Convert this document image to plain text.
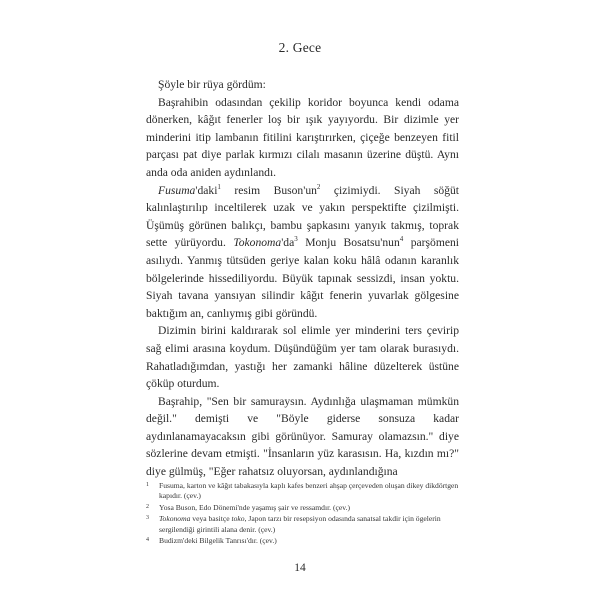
2. Gece

Şöyle bir rüya gördüm:

Başrahibin odasından çekilip koridor boyunca kendi odama dönerken, kâğıt fenerler loş bir ışık yayıyordu. Bir dizimle yer minderini itip lambanın fitilini karıştırırken, çiçeğe benzeyen fitil parçası pat diye parlak kırmızı cilalı masanın üzerine düştü. Aynı anda oda aniden aydınlandı.

Fusuma'daki$^1$ resim Buson'un$^2$ çizimiydi. Siyah söğüt kalınlaştırılıp inceltilerek uzak ve yakın perspektifte çizilmişti. Üşümüş görünen balıkçı, bambu şapkasını yanyık takmış, toprak sette yürüyordu. Tokonoma'da$^3$ Monju Bosatsu'nun$^4$ parşömeni asılıydı. Yanmış tütsüden geriye kalan koku hâlâ odanın karanlık bölgelerinde hissediliyordu. Büyük tapınak sessizdi, insan yoktu. Siyah tavana yansıyan silindir kâğıt fenerin yuvarlak gölgesine baktığım an, canlıymış gibi göründü.

Dizimin birini kaldırarak sol elimle yer minderini ters çevirip sağ elimi arasına koydum. Düşündüğüm yer tam olarak burasıydı. Rahatladığımdan, yastığı her zamanki hâline düzelterek üstüne çöküp oturdum.

Başrahip, "Sen bir samuraysın. Aydınlığa ulaşmaman mümkün değil." demişti ve "Böyle giderse sonsuza kadar aydınlanamayacaksın gibi görünüyor. Samuray olamazsın." diye sözlerine devam etmişti. "İnsanların yüz karasısın. Ha, kızdın mı?" diye gülmüş, "Eğer rahatsız oluyorsan, aydınlandığına

1 Fusuma, karton ve kâğıt tabakasıyla kaplı kafes benzeri ahşap çerçeveden oluşan dikey dikdörtgen kapıdır. (çev.)
2 Yosa Buson, Edo Dönemi'nde yaşamış şair ve ressamdır. (çev.)
3 Tokonoma veya basitçe toko, Japon tarzı bir resepsiyon odasında sanatsal takdir için ögelerin sergilendiği girintili alana denir. (çev.)
4 Budizm'deki Bilgelik Tanrısı'dır. (çev.)
14
